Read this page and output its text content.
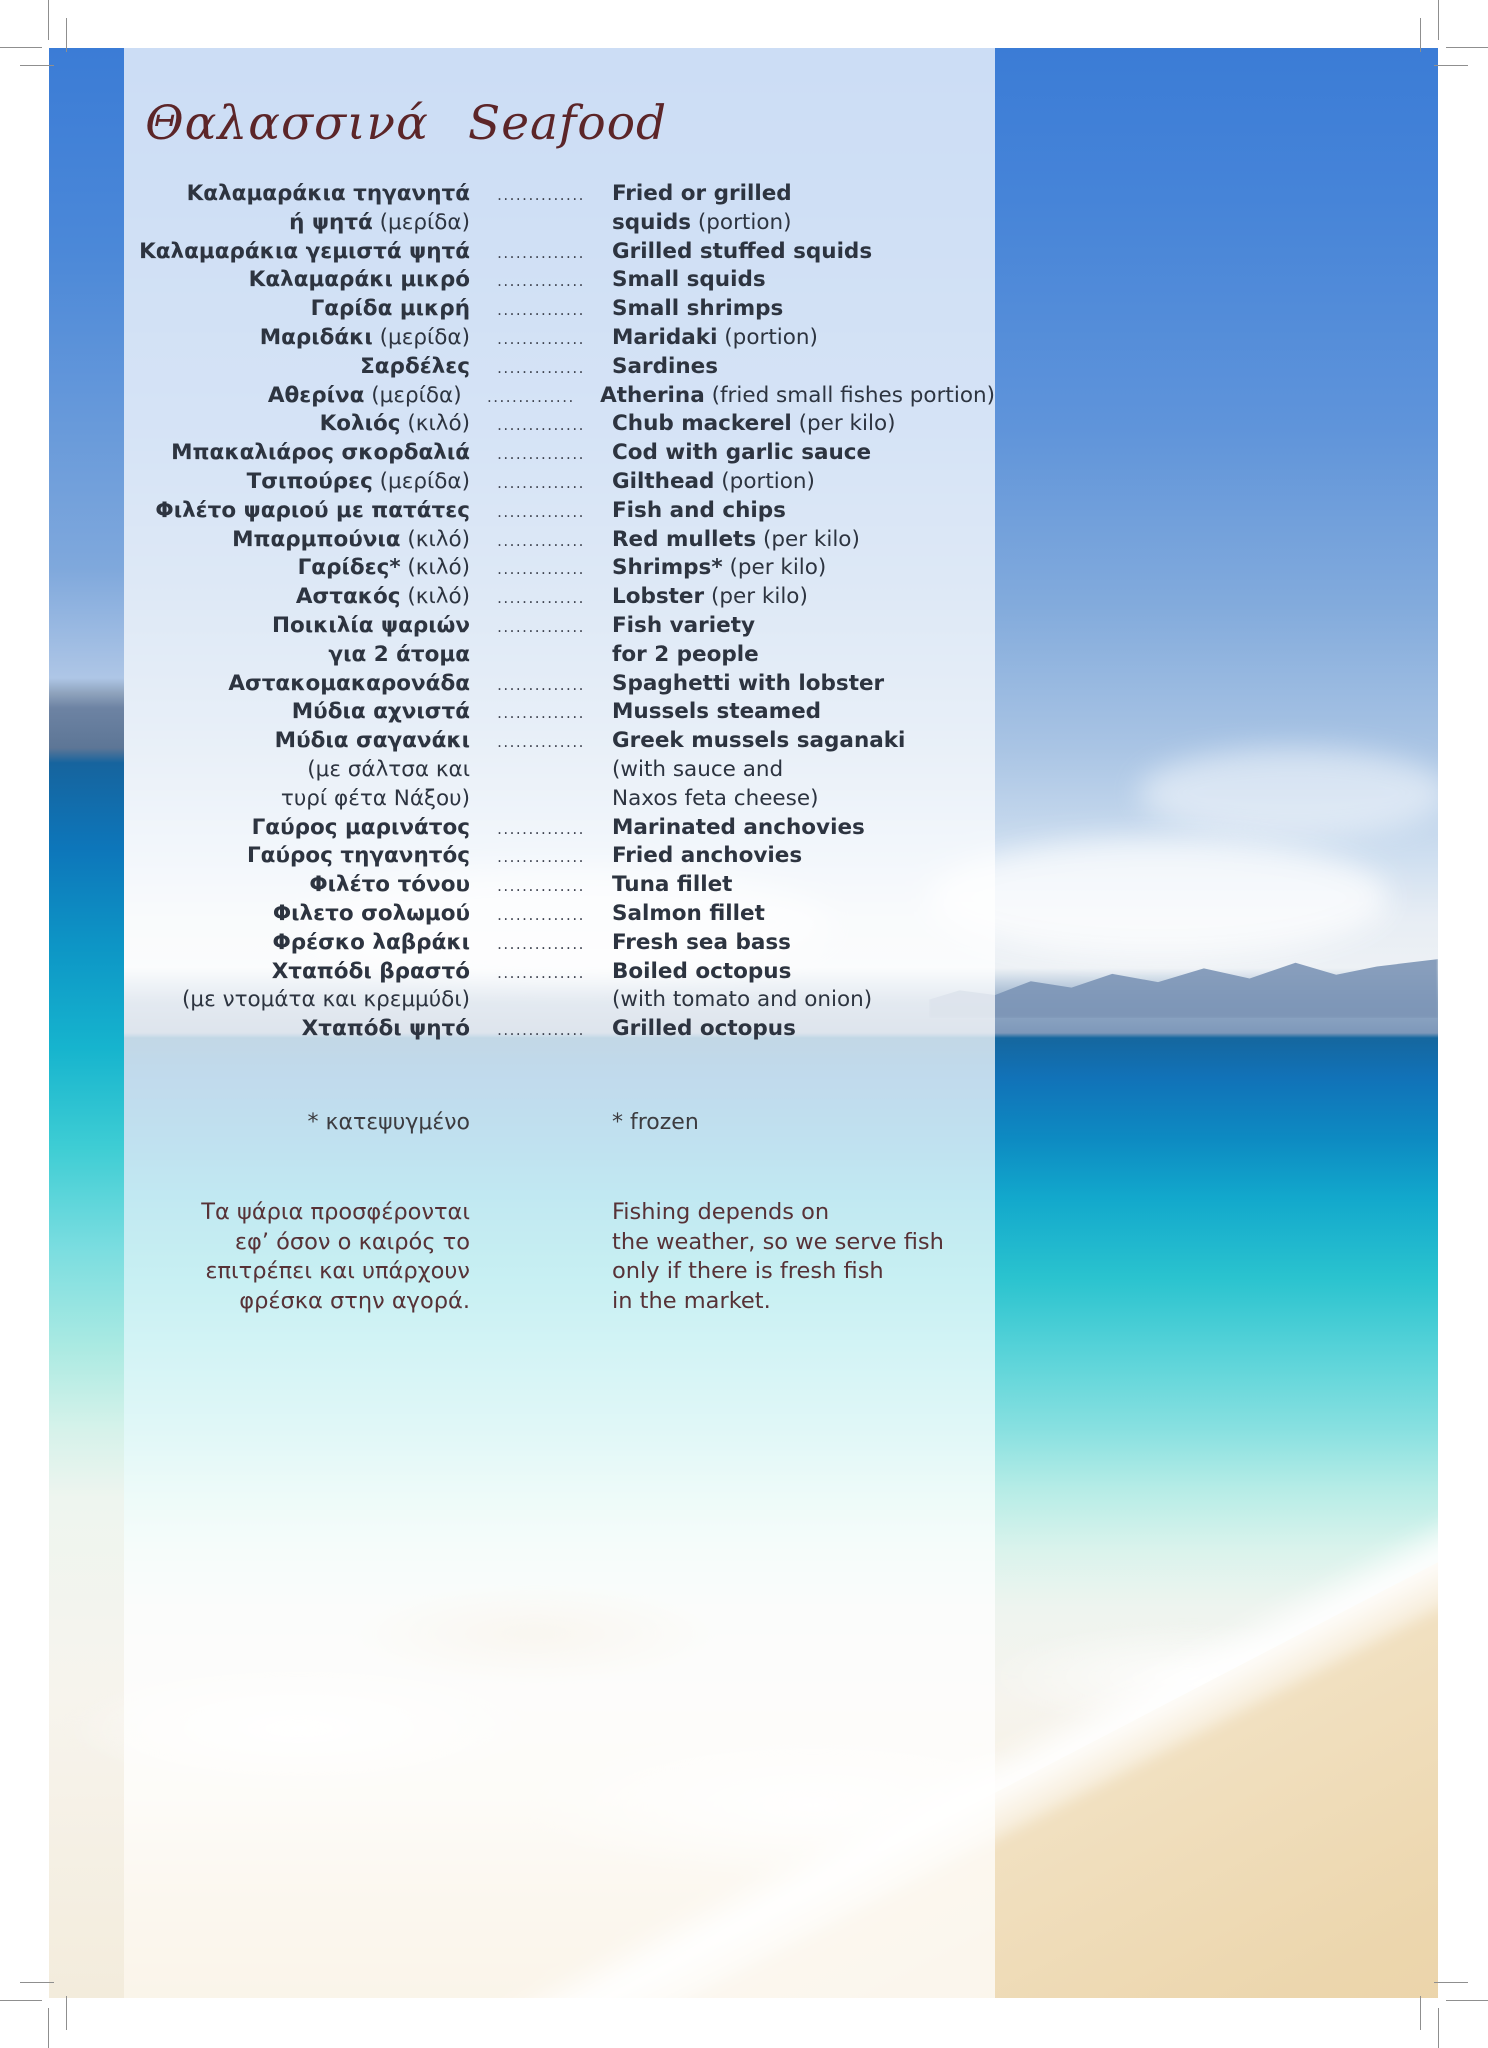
Θαλασσινά Seafood
Καλαμαράκια τηγανητά	..............	Fried or grilled
ή ψητά (μερίδα)	squids (portion)
Καλαμαράκια γεμιστά ψητά	..............	Grilled stuffed squids
Καλαμαράκι μικρό	..............	Small squids
Γαρίδα μικρή	..............	Small shrimps
Μαριδάκι (μερίδα)	..............	Maridaki (portion)
Σαρδέλες	..............	Sardines
Αθερίνα (μερίδα)	..............	Atherina (fried small fishes portion)
Κολιός (κιλό)	..............	Chub mackerel (per kilo)
Μπακαλιάρος σκορδαλιά	..............	Cod with garlic sauce
Τσιπούρες (μερίδα)	..............	Gilthead (portion)
Φιλέτο ψαριού με πατάτες	..............	Fish and chips
Μπαρμπούνια (κιλό)	..............	Red mullets (per kilo)
Γαρίδες* (κιλό)	..............	Shrimps* (per kilo)
Αστακός (κιλό)	..............	Lobster (per kilo)
Ποικιλία ψαριών	..............	Fish variety
για 2 άτομα	for 2 people
Αστακομακαρονάδα	..............	Spaghetti with lobster
Μύδια αχνιστά	..............	Mussels steamed
Μύδια σαγανάκι	..............	Greek mussels saganaki
(με σάλτσα και	(with sauce and
τυρί φέτα Νάξου)	Naxos feta cheese)
Γαύρος μαρινάτος	..............	Marinated anchovies
Γαύρος τηγανητός	..............	Fried anchovies
Φιλέτο τόνου	..............	Tuna fillet
Φιλετο σολωμού	..............	Salmon fillet
Φρέσκο λαβράκι	..............	Fresh sea bass
Χταπόδι βραστό	..............	Boiled octopus
(με ντομάτα και κρεμμύδι)	(with tomato and onion)
Χταπόδι ψητό	..............	Grilled octopus
* κατεψυγμένο	* frozen
Τα ψάρια προσφέρονται	Fishing depends on
εφ’ όσον ο καιρός το	the weather, so we serve fish
επιτρέπει και υπάρχουν	only if there is fresh fish
φρέσκα στην αγορά.	in the market.
